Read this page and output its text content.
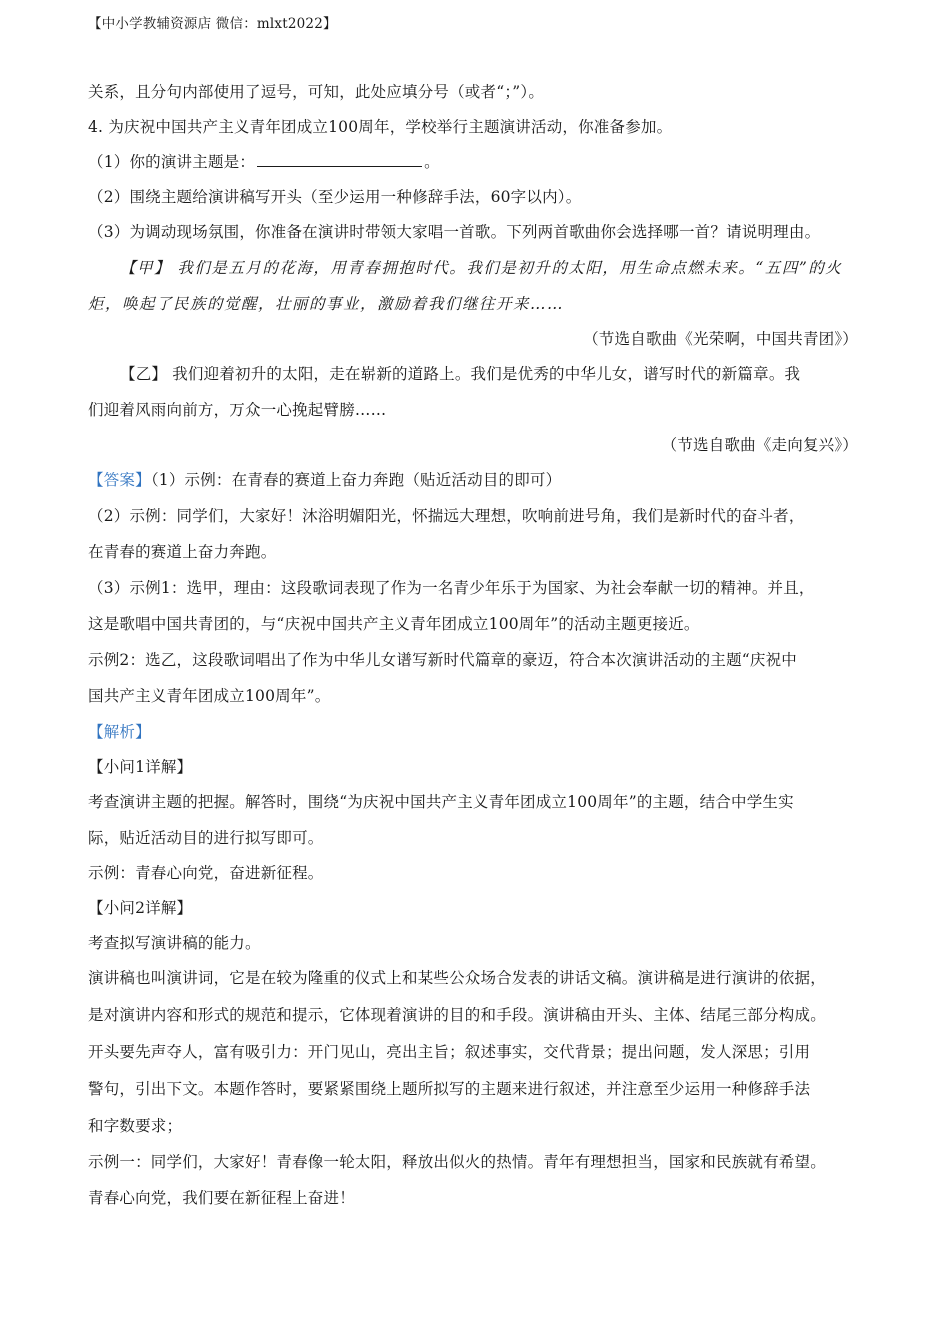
【中小学教辅资源店 微信：mlxt2022】
关系，且分句内部使用了逗号，可知，此处应填分号（或者“；”）。
4. 为庆祝中国共产主义青年团成立100周年，学校举行主题演讲活动，你准备参加。
（1）你的演讲主题是：	。
（2）围绕主题给演讲稿写开头（至少运用一种修辞手法，60字以内）。
（3）为调动现场氛围，你准备在演讲时带领大家唱一首歌。下列两首歌曲你会选择哪一首？请说明理由。
【甲】 我们是五月的花海，用青春拥抱时代。我们是初升的太阳，用生命点燃未来。“五四”的火
炬，唤起了民族的觉醒，壮丽的事业，激励着我们继往开来……
（节选自歌曲《光荣啊，中国共青团》）
【乙】 我们迎着初升的太阳，走在崭新的道路上。我们是优秀的中华儿女，谱写时代的新篇章。我
们迎着风雨向前方，万众一心挽起臂膀……
（节选自歌曲《走向复兴》）
【答案】（1）示例：在青春的赛道上奋力奔跑（贴近活动目的即可）
（2）示例：同学们，大家好！沐浴明媚阳光，怀揣远大理想，吹响前进号角，我们是新时代的奋斗者，
在青春的赛道上奋力奔跑。
（3）示例1：选甲，理由：这段歌词表现了作为一名青少年乐于为国家、为社会奉献一切的精神。并且，
这是歌唱中国共青团的，与“庆祝中国共产主义青年团成立100周年”的活动主题更接近。
示例2：选乙，这段歌词唱出了作为中华儿女谱写新时代篇章的豪迈，符合本次演讲活动的主题“庆祝中
国共产主义青年团成立100周年”。
【解析】
【小问1详解】
考查演讲主题的把握。解答时，围绕“为庆祝中国共产主义青年团成立100周年”的主题，结合中学生实
际，贴近活动目的进行拟写即可。
示例：青春心向党，奋进新征程。
【小问2详解】
考查拟写演讲稿的能力。
演讲稿也叫演讲词，它是在较为隆重的仪式上和某些公众场合发表的讲话文稿。演讲稿是进行演讲的依据，
是对演讲内容和形式的规范和提示，它体现着演讲的目的和手段。演讲稿由开头、主体、结尾三部分构成。
开头要先声夺人，富有吸引力：开门见山，亮出主旨；叙述事实，交代背景；提出问题，发人深思；引用
警句，引出下文。本题作答时，要紧紧围绕上题所拟写的主题来进行叙述，并注意至少运用一种修辞手法
和字数要求；
示例一：同学们，大家好！青春像一轮太阳，释放出似火的热情。青年有理想担当，国家和民族就有希望。
青春心向党，我们要在新征程上奋进！
